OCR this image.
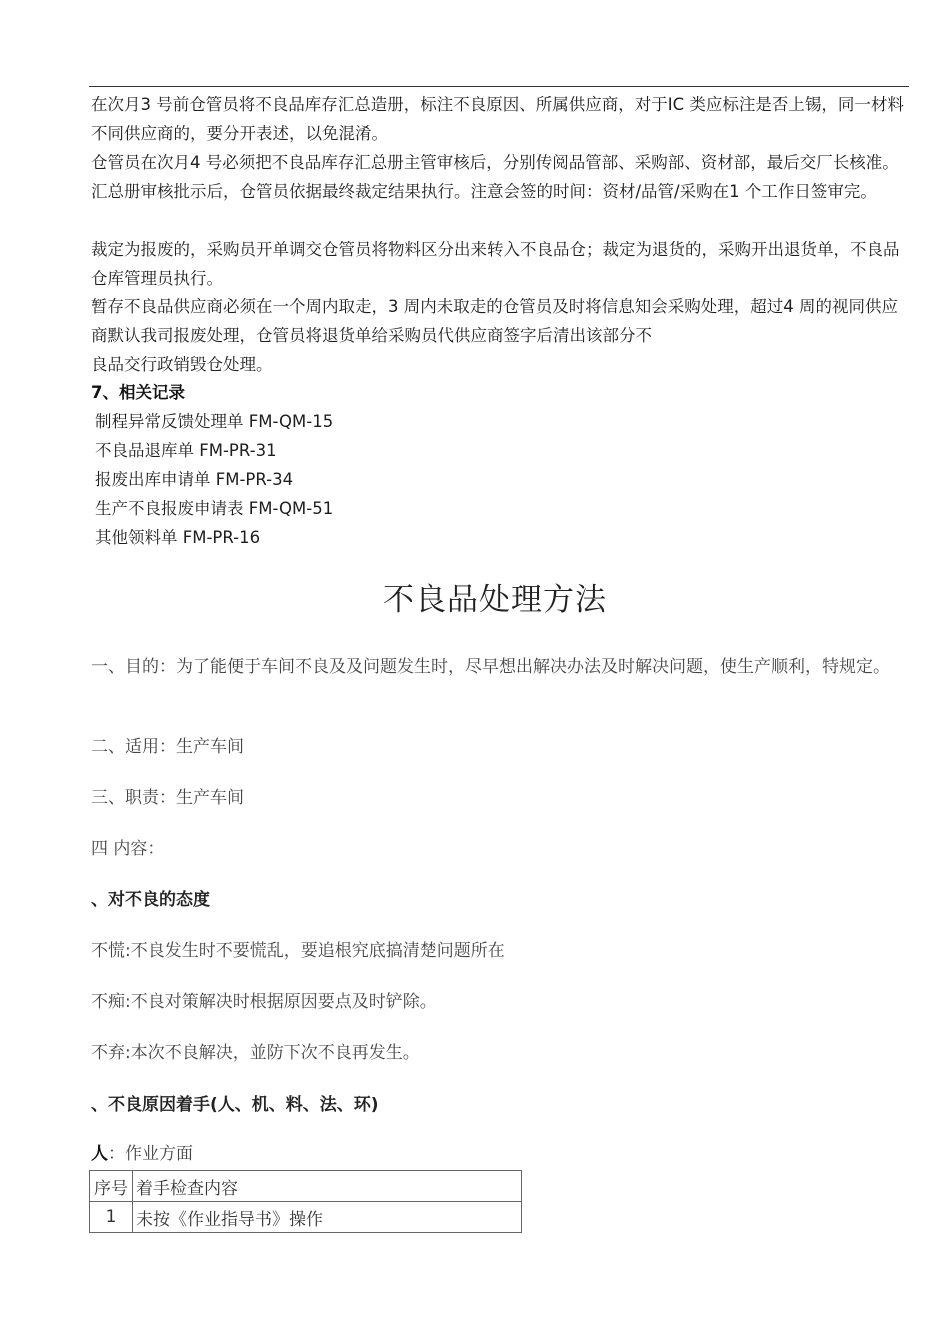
在次月3 号前仓管员将不良品库存汇总造册，标注不良原因、所属供应商，对于IC 类应标注是否上锡，同一材料不同供应商的，要分开表述，以免混淆。
仓管员在次月4 号必须把不良品库存汇总册主管审核后，分别传阅品管部、采购部、资材部，最后交厂长核准。汇总册审核批示后，仓管员依据最终裁定结果执行。注意会签的时间：资材/品管/采购在1 个工作日签审完。
裁定为报废的，采购员开单调交仓管员将物料区分出来转入不良品仓；裁定为退货的，采购开出退货单，不良品仓库管理员执行。
暂存不良品供应商必须在一个周内取走，3 周内未取走的仓管员及时将信息知会采购处理，超过4 周的视同供应商默认我司报废处理，仓管员将退货单给采购员代供应商签字后清出该部分不
良品交行政销毁仓处理。
7、相关记录
制程异常反馈处理单 FM-QM-15
不良品退库单 FM-PR-31
报废出库申请单 FM-PR-34
生产不良报废申请表 FM-QM-51
其他领料单 FM-PR-16
不良品处理方法
一、目的：为了能便于车间不良及及问题发生时，尽早想出解决办法及时解决问题，使生产顺利，特规定。
二、适用：生产车间
三、职责：生产车间
四 内容：
、对不良的态度
不慌:不良发生时不要慌乱，要追根究底搞清楚问题所在
不痴:不良对策解决时根据原因要点及时铲除。
不弃:本次不良解决，並防下次不良再发生。
、不良原因着手(人、机、料、法、环)
人：作业方面
序号	着手检查内容
1	未按《作业指导书》操作
